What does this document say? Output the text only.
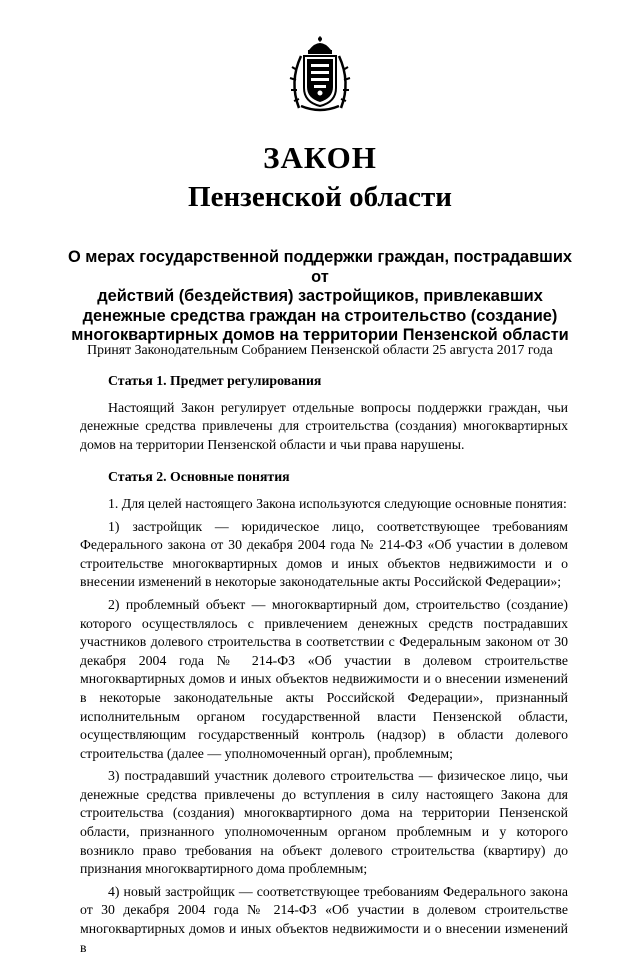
ЗАКОН
Пензенской области
О мерах государственной поддержки граждан, пострадавших от
действий (бездействия) застройщиков, привлекавших
денежные средства граждан на строительство (создание)
многоквартирных домов на территории Пензенской области
Принят Законодательным Собранием Пензенской области 25 августа 2017 года
Статья 1. Предмет регулирования

Настоящий Закон регулирует отдельные вопросы поддержки граждан, чьи денежные средства привлечены для строительства (создания) многоквартирных домов на территории Пензенской области и чьи права нарушены.

Статья 2. Основные понятия

1. Для целей настоящего Закона используются следующие основные понятия:

1) застройщик — юридическое лицо, соответствующее требованиям Федерального закона от 30 декабря 2004 года № 214-ФЗ «Об участии в долевом строительстве многоквартирных домов и иных объектов недвижимости и о внесении изменений в некоторые законодательные акты Российской Федерации»;

2) проблемный объект — многоквартирный дом, строительство (создание) которого осуществлялось с привлечением денежных средств пострадавших участников долевого строительства в соответствии с Федеральным законом от 30 декабря 2004 года № 214-ФЗ «Об участии в долевом строительстве многоквартирных домов и иных объектов недвижимости и о внесении изменений в некоторые законодательные акты Российской Федерации», признанный исполнительным органом государственной власти Пензенской области, осуществляющим государственный контроль (надзор) в области долевого строительства (далее — уполномоченный орган), проблемным;

3) пострадавший участник долевого строительства — физическое лицо, чьи денежные средства привлечены до вступления в силу настоящего Закона для строительства (создания) многоквартирного дома на территории Пензенской области, признанного уполномоченным органом проблемным и у которого возникло право требования на объект долевого строительства (квартиру) до признания многоквартирного дома проблемным;

4) новый застройщик — соответствующее требованиям Федерального закона от 30 декабря 2004 года № 214-ФЗ «Об участии в долевом строительстве многоквартирных домов и иных объектов недвижимости и о внесении изменений в
